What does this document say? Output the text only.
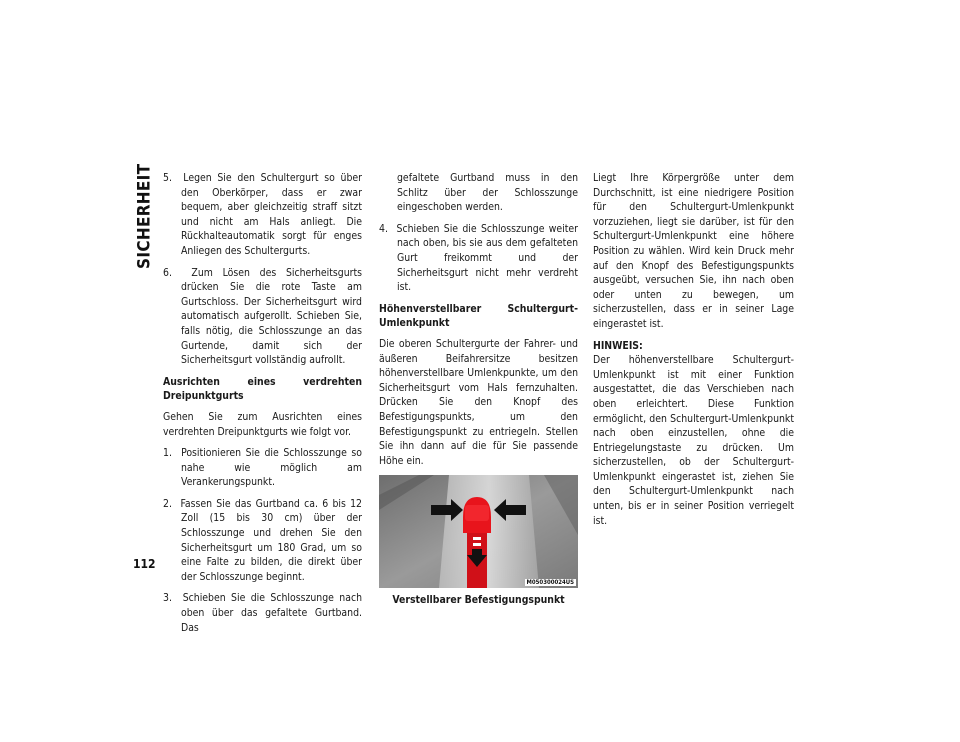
SICHERHEIT
112

5. Legen Sie den Schultergurt so über den Oberkörper, dass er zwar bequem, aber gleichzeitig straff sitzt und nicht am Hals anliegt. Die Rückhalteautomatik sorgt für enges Anliegen des Schultergurts.

6. Zum Lösen des Sicherheitsgurts drücken Sie die rote Taste am Gurtschloss. Der Sicherheitsgurt wird automatisch aufgerollt. Schieben Sie, falls nötig, die Schlosszunge an das Gurtende, damit sich der Sicherheitsgurt vollständig aufrollt.

Ausrichten eines verdrehten Dreipunktgurts

Gehen Sie zum Ausrichten eines verdrehten Dreipunktgurts wie folgt vor.

1. Positionieren Sie die Schlosszunge so nahe wie möglich am Verankerungspunkt.

2. Fassen Sie das Gurtband ca. 6 bis 12 Zoll (15 bis 30 cm) über der Schlosszunge und drehen Sie den Sicherheitsgurt um 180 Grad, um so eine Falte zu bilden, die direkt über der Schlosszunge beginnt.

3. Schieben Sie die Schlosszunge nach oben über das gefaltete Gurtband. Das

gefaltete Gurtband muss in den Schlitz über der Schlosszunge eingeschoben werden.

4. Schieben Sie die Schlosszunge weiter nach oben, bis sie aus dem gefalteten Gurt freikommt und der Sicherheitsgurt nicht mehr verdreht ist.

Höhenverstellbarer Schultergurt-Umlenkpunkt

Die oberen Schultergurte der Fahrer- und äußeren Beifahrersitze besitzen höhenverstellbare Umlenkpunkte, um den Sicherheitsgurt vom Hals fernzuhalten. Drücken Sie den Knopf des Befestigungspunkts, um den Befestigungspunkt zu entriegeln. Stellen Sie ihn dann auf die für Sie passende Höhe ein.

M050300024US

Verstellbarer Befestigungspunkt

Liegt Ihre Körpergröße unter dem Durchschnitt, ist eine niedrigere Position für den Schultergurt-Umlenkpunkt vorzuziehen, liegt sie darüber, ist für den Schultergurt-Umlenkpunkt eine höhere Position zu wählen. Wird kein Druck mehr auf den Knopf des Befestigungspunkts ausgeübt, versuchen Sie, ihn nach oben oder unten zu bewegen, um sicherzustellen, dass er in seiner Lage eingerastet ist.

HINWEIS:

Der höhenverstellbare Schultergurt-Umlenkpunkt ist mit einer Funktion ausgestattet, die das Verschieben nach oben erleichtert. Diese Funktion ermöglicht, den Schultergurt-Umlenkpunkt nach oben einzustellen, ohne die Entriegelungstaste zu drücken. Um sicherzustellen, ob der Schultergurt-Umlenkpunkt eingerastet ist, ziehen Sie den Schultergurt-Umlenkpunkt nach unten, bis er in seiner Position verriegelt ist.
